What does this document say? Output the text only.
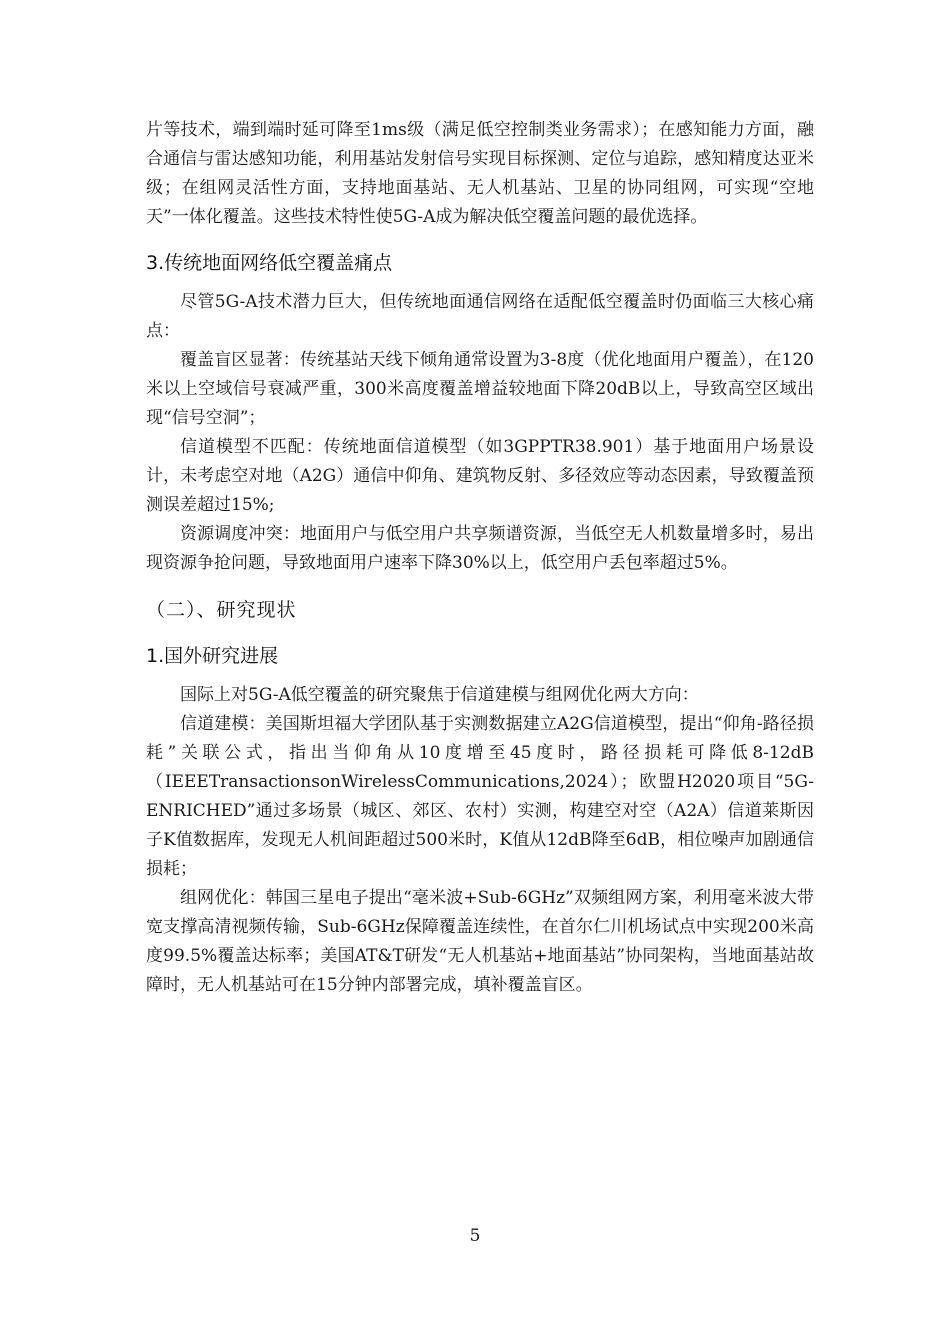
片等技术，端到端时延可降至1ms级（满足低空控制类业务需求）；在感知能力方面，融合通信与雷达感知功能，利用基站发射信号实现目标探测、定位与追踪，感知精度达亚米级；在组网灵活性方面，支持地面基站、无人机基站、卫星的协同组网，可实现“空地天”一体化覆盖。这些技术特性使5G-A成为解决低空覆盖问题的最优选择。

3.传统地面网络低空覆盖痛点

尽管5G-A技术潜力巨大，但传统地面通信网络在适配低空覆盖时仍面临三大核心痛点：

覆盖盲区显著：传统基站天线下倾角通常设置为3-8度（优化地面用户覆盖），在120米以上空域信号衰减严重，300米高度覆盖增益较地面下降20dB以上，导致高空区域出现“信号空洞”；

信道模型不匹配：传统地面信道模型（如3GPPTR38.901）基于地面用户场景设计，未考虑空对地（A2G）通信中仰角、建筑物反射、多径效应等动态因素，导致覆盖预测误差超过15%;

资源调度冲突：地面用户与低空用户共享频谱资源，当低空无人机数量增多时，易出现资源争抢问题，导致地面用户速率下降30%以上，低空用户丢包率超过5%。

（二）、研究现状
1.国外研究进展

国际上对5G-A低空覆盖的研究聚焦于信道建模与组网优化两大方向：

信道建模：美国斯坦福大学团队基于实测数据建立A2G信道模型，提出“仰角-路径损耗”关联公式，指出当仰角从10度增至45度时，路径损耗可降低8-12dB（IEEETransactionsonWirelessCommunications,2024）；欧盟H2020项目“5G-ENRICHED”通过多场景（城区、郊区、农村）实测，构建空对空（A2A）信道莱斯因子K值数据库，发现无人机间距超过500米时，K值从12dB降至6dB，相位噪声加剧通信损耗；

组网优化：韩国三星电子提出“毫米波+Sub-6GHz”双频组网方案，利用毫米波大带宽支撑高清视频传输，Sub-6GHz保障覆盖连续性，在首尔仁川机场试点中实现200米高度99.5%覆盖达标率；美国AT&T研发“无人机基站+地面基站”协同架构，当地面基站故障时，无人机基站可在15分钟内部署完成，填补覆盖盲区。

5
